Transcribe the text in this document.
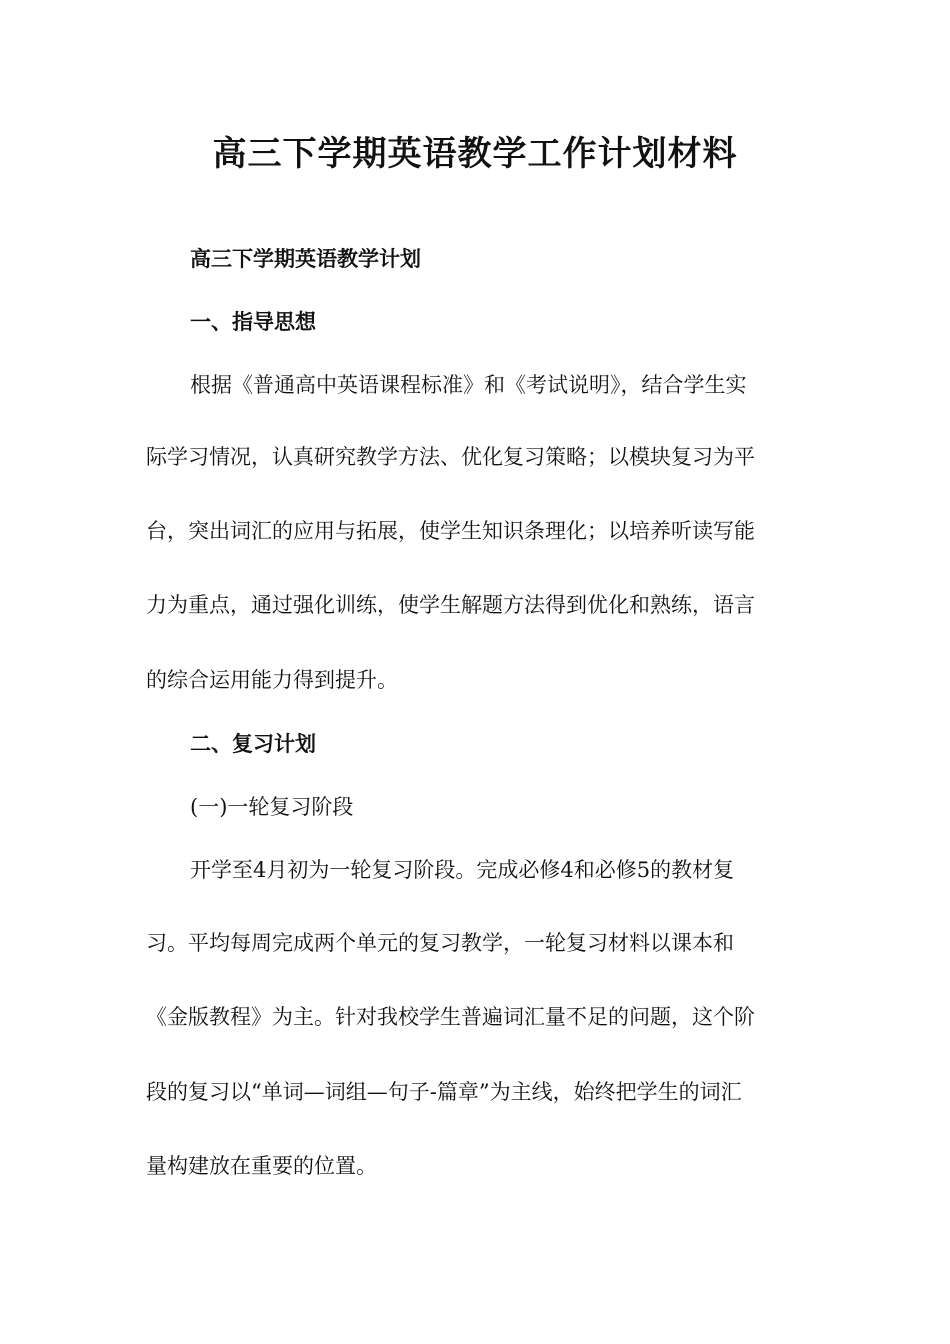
高三下学期英语教学工作计划材料

高三下学期英语教学计划

一、指导思想

根据《普通高中英语课程标准》和《考试说明》，结合学生实

际学习情况，认真研究教学方法、优化复习策略；以模块复习为平

台，突出词汇的应用与拓展，使学生知识条理化；以培养听读写能

力为重点，通过强化训练，使学生解题方法得到优化和熟练，语言

的综合运用能力得到提升。

二、复习计划

(一)一轮复习阶段

开学至4月初为一轮复习阶段。完成必修4和必修5的教材复

习。平均每周完成两个单元的复习教学，一轮复习材料以课本和

《金版教程》为主。针对我校学生普遍词汇量不足的问题，这个阶

段的复习以“单词—词组—句子-篇章”为主线，始终把学生的词汇

量构建放在重要的位置。
